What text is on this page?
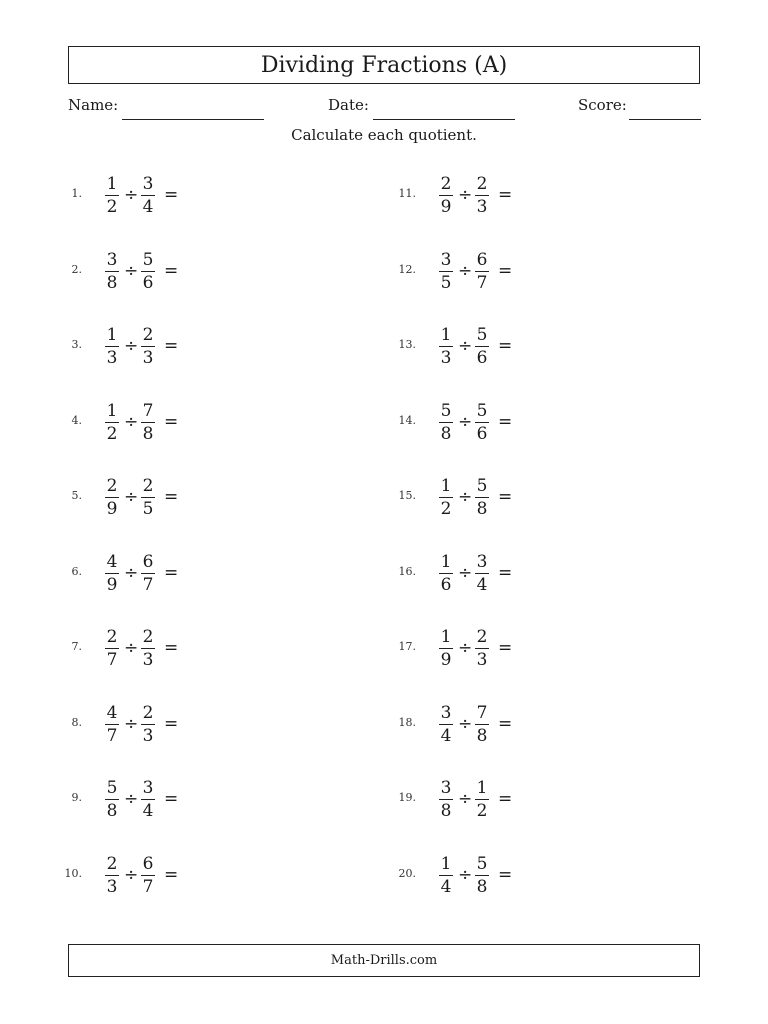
Dividing Fractions (A)
Name:	Date:	Score:
Calculate each quotient.
1. 1
2
÷
3
4
=
2. 3
8
÷
5
6
=
3. 1
3
÷
2
3
=
4. 1
2
÷
7
8
=
5. 2
9
÷
2
5
=
6. 4
9
÷
6
7
=
7. 2
7
÷
2
3
=
8. 4
7
÷
2
3
=
9. 5
8
÷
3
4
=
10. 2
3
÷
6
7
=
11. 2
9
÷
2
3
=
12. 3
5
÷
6
7
=
13. 1
3
÷
5
6
=
14. 5
8
÷
5
6
=
15. 1
2
÷
5
8
=
16. 1
6
÷
3
4
=
17. 1
9
÷
2
3
=
18. 3
4
÷
7
8
=
19. 3
8
÷
1
2
=
20. 1
4
÷
5
8
=
Math-Drills.com
